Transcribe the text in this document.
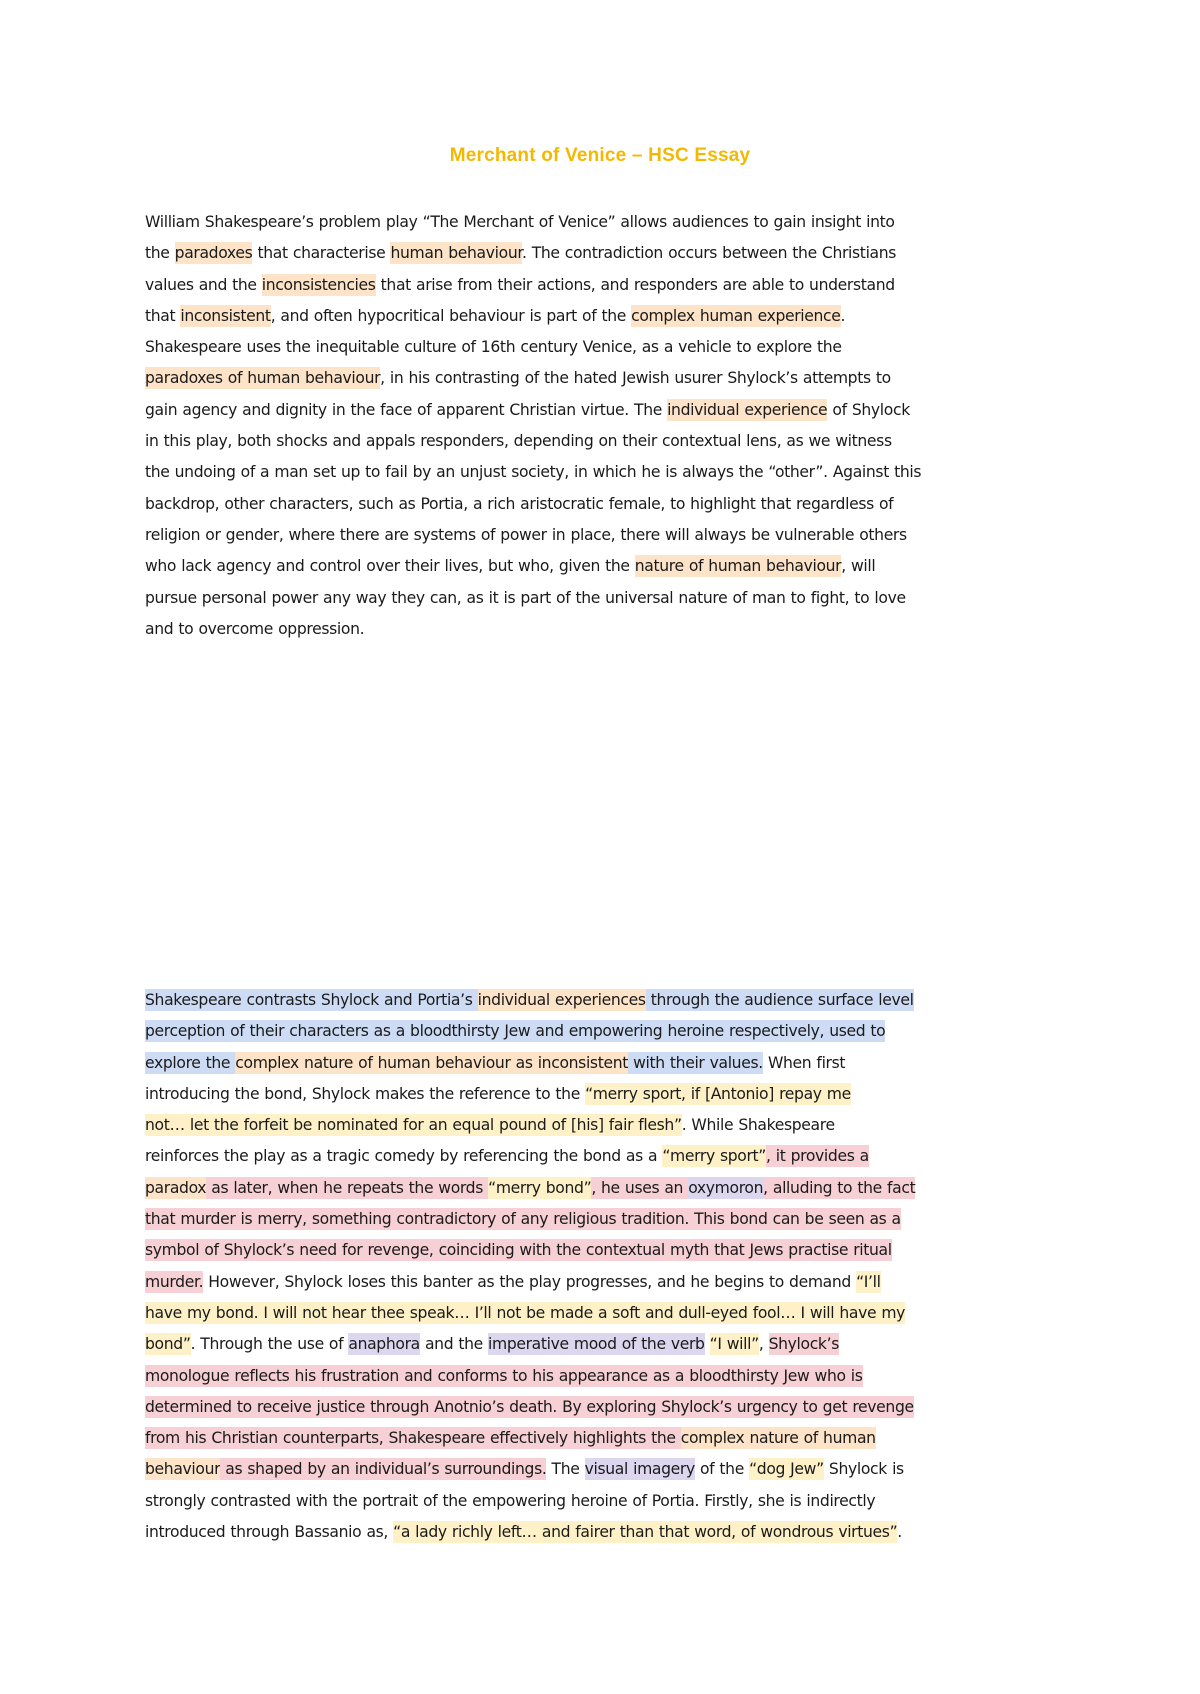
Merchant of Venice – HSC Essay
William Shakespeare’s problem play “The Merchant of Venice” allows audiences to gain insight into
the paradoxes that characterise human behaviour. The contradiction occurs between the Christians
values and the inconsistencies that arise from their actions, and responders are able to understand
that inconsistent, and often hypocritical behaviour is part of the complex human experience.
Shakespeare uses the inequitable culture of 16th century Venice, as a vehicle to explore the
paradoxes of human behaviour, in his contrasting of the hated Jewish usurer Shylock’s attempts to
gain agency and dignity in the face of apparent Christian virtue. The individual experience of Shylock
in this play, both shocks and appals responders, depending on their contextual lens, as we witness
the undoing of a man set up to fail by an unjust society, in which he is always the “other”. Against this
backdrop, other characters, such as Portia, a rich aristocratic female, to highlight that regardless of
religion or gender, where there are systems of power in place, there will always be vulnerable others
who lack agency and control over their lives, but who, given the nature of human behaviour, will
pursue personal power any way they can, as it is part of the universal nature of man to fight, to love
and to overcome oppression.
Shakespeare contrasts Shylock and Portia’s individual experiences through the audience surface level
perception of their characters as a bloodthirsty Jew and empowering heroine respectively, used to
explore the complex nature of human behaviour as inconsistent with their values. When first
introducing the bond, Shylock makes the reference to the “merry sport, if [Antonio] repay me
not… let the forfeit be nominated for an equal pound of [his] fair flesh”. While Shakespeare
reinforces the play as a tragic comedy by referencing the bond as a “merry sport”, it provides a
paradox as later, when he repeats the words “merry bond”, he uses an oxymoron, alluding to the fact
that murder is merry, something contradictory of any religious tradition. This bond can be seen as a
symbol of Shylock’s need for revenge, coinciding with the contextual myth that Jews practise ritual
murder. However, Shylock loses this banter as the play progresses, and he begins to demand “I’ll
have my bond. I will not hear thee speak… I’ll not be made a soft and dull-eyed fool… I will have my
bond”. Through the use of anaphora and the imperative mood of the verb “I will”, Shylock’s
monologue reflects his frustration and conforms to his appearance as a bloodthirsty Jew who is
determined to receive justice through Anotnio’s death. By exploring Shylock’s urgency to get revenge
from his Christian counterparts, Shakespeare effectively highlights the complex nature of human
behaviour as shaped by an individual’s surroundings. The visual imagery of the “dog Jew” Shylock is
strongly contrasted with the portrait of the empowering heroine of Portia. Firstly, she is indirectly
introduced through Bassanio as, “a lady richly left… and fairer than that word, of wondrous virtues”.
